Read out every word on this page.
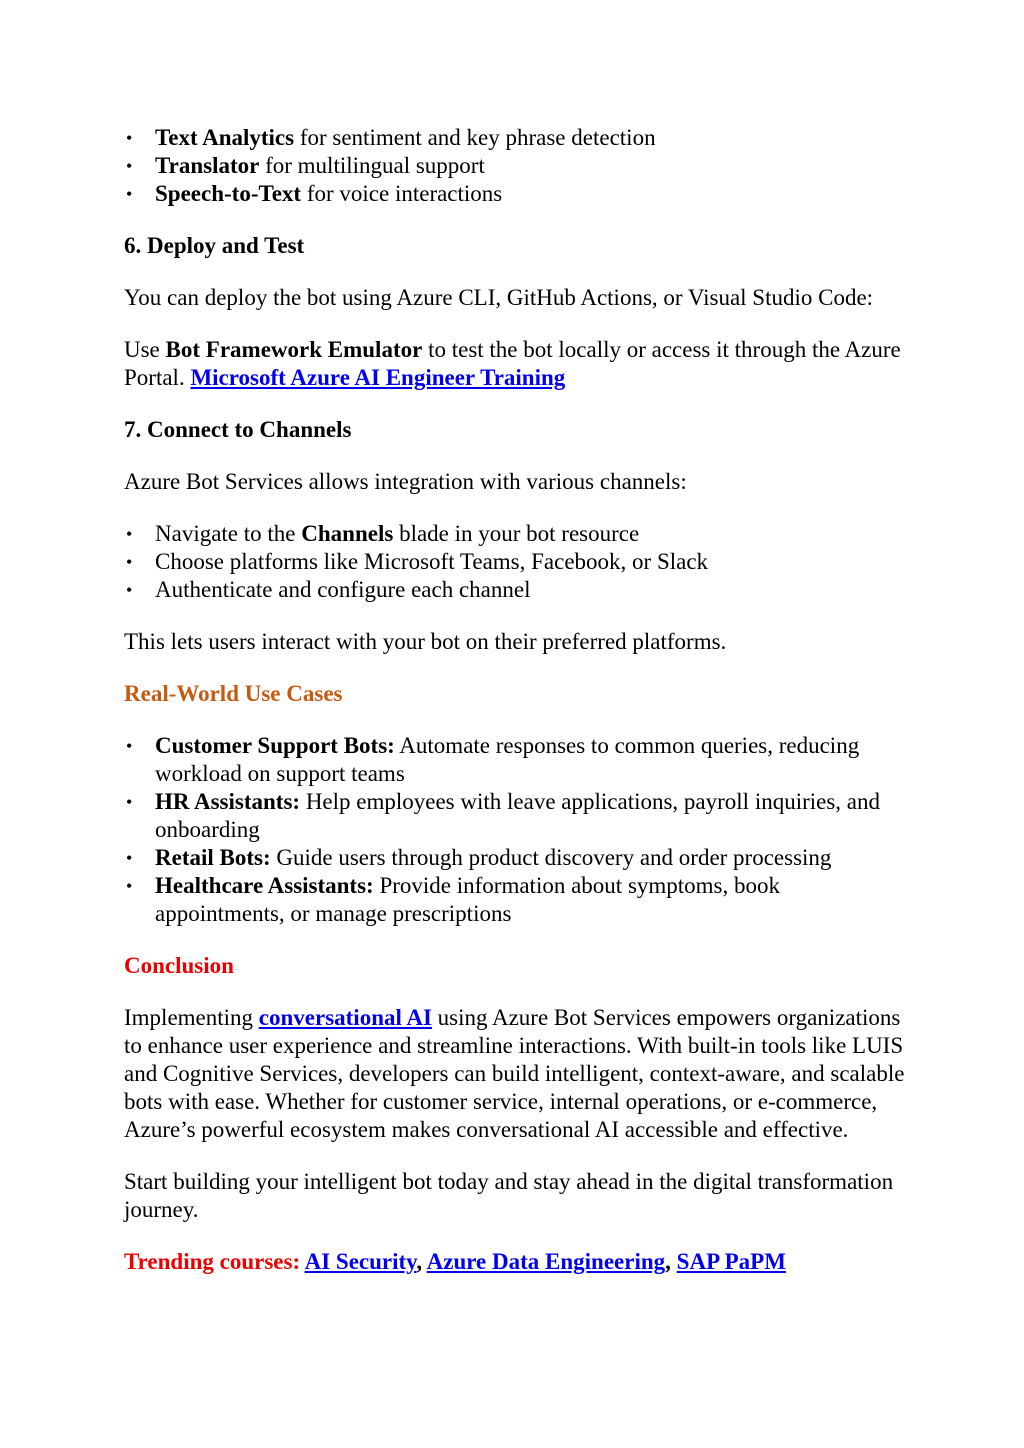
• Text Analytics for sentiment and key phrase detection
• Translator for multilingual support
• Speech-to-Text for voice interactions
6. Deploy and Test

You can deploy the bot using Azure CLI, GitHub Actions, or Visual Studio Code:

Use Bot Framework Emulator to test the bot locally or access it through the Azure Portal. Microsoft Azure AI Engineer Training

7. Connect to Channels

Azure Bot Services allows integration with various channels:

• Navigate to the Channels blade in your bot resource
• Choose platforms like Microsoft Teams, Facebook, or Slack
• Authenticate and configure each channel

This lets users interact with your bot on their preferred platforms.

Real-World Use Cases
• Customer Support Bots: Automate responses to common queries, reducing workload on support teams
• HR Assistants: Help employees with leave applications, payroll inquiries, and onboarding
• Retail Bots: Guide users through product discovery and order processing
• Healthcare Assistants: Provide information about symptoms, book appointments, or manage prescriptions
Conclusion

Implementing conversational AI using Azure Bot Services empowers organizations to enhance user experience and streamline interactions. With built-in tools like LUIS and Cognitive Services, developers can build intelligent, context-aware, and scalable bots with ease. Whether for customer service, internal operations, or e-commerce, Azure’s powerful ecosystem makes conversational AI accessible and effective.

Start building your intelligent bot today and stay ahead in the digital transformation journey.

Trending courses: AI Security, Azure Data Engineering, SAP PaPM
